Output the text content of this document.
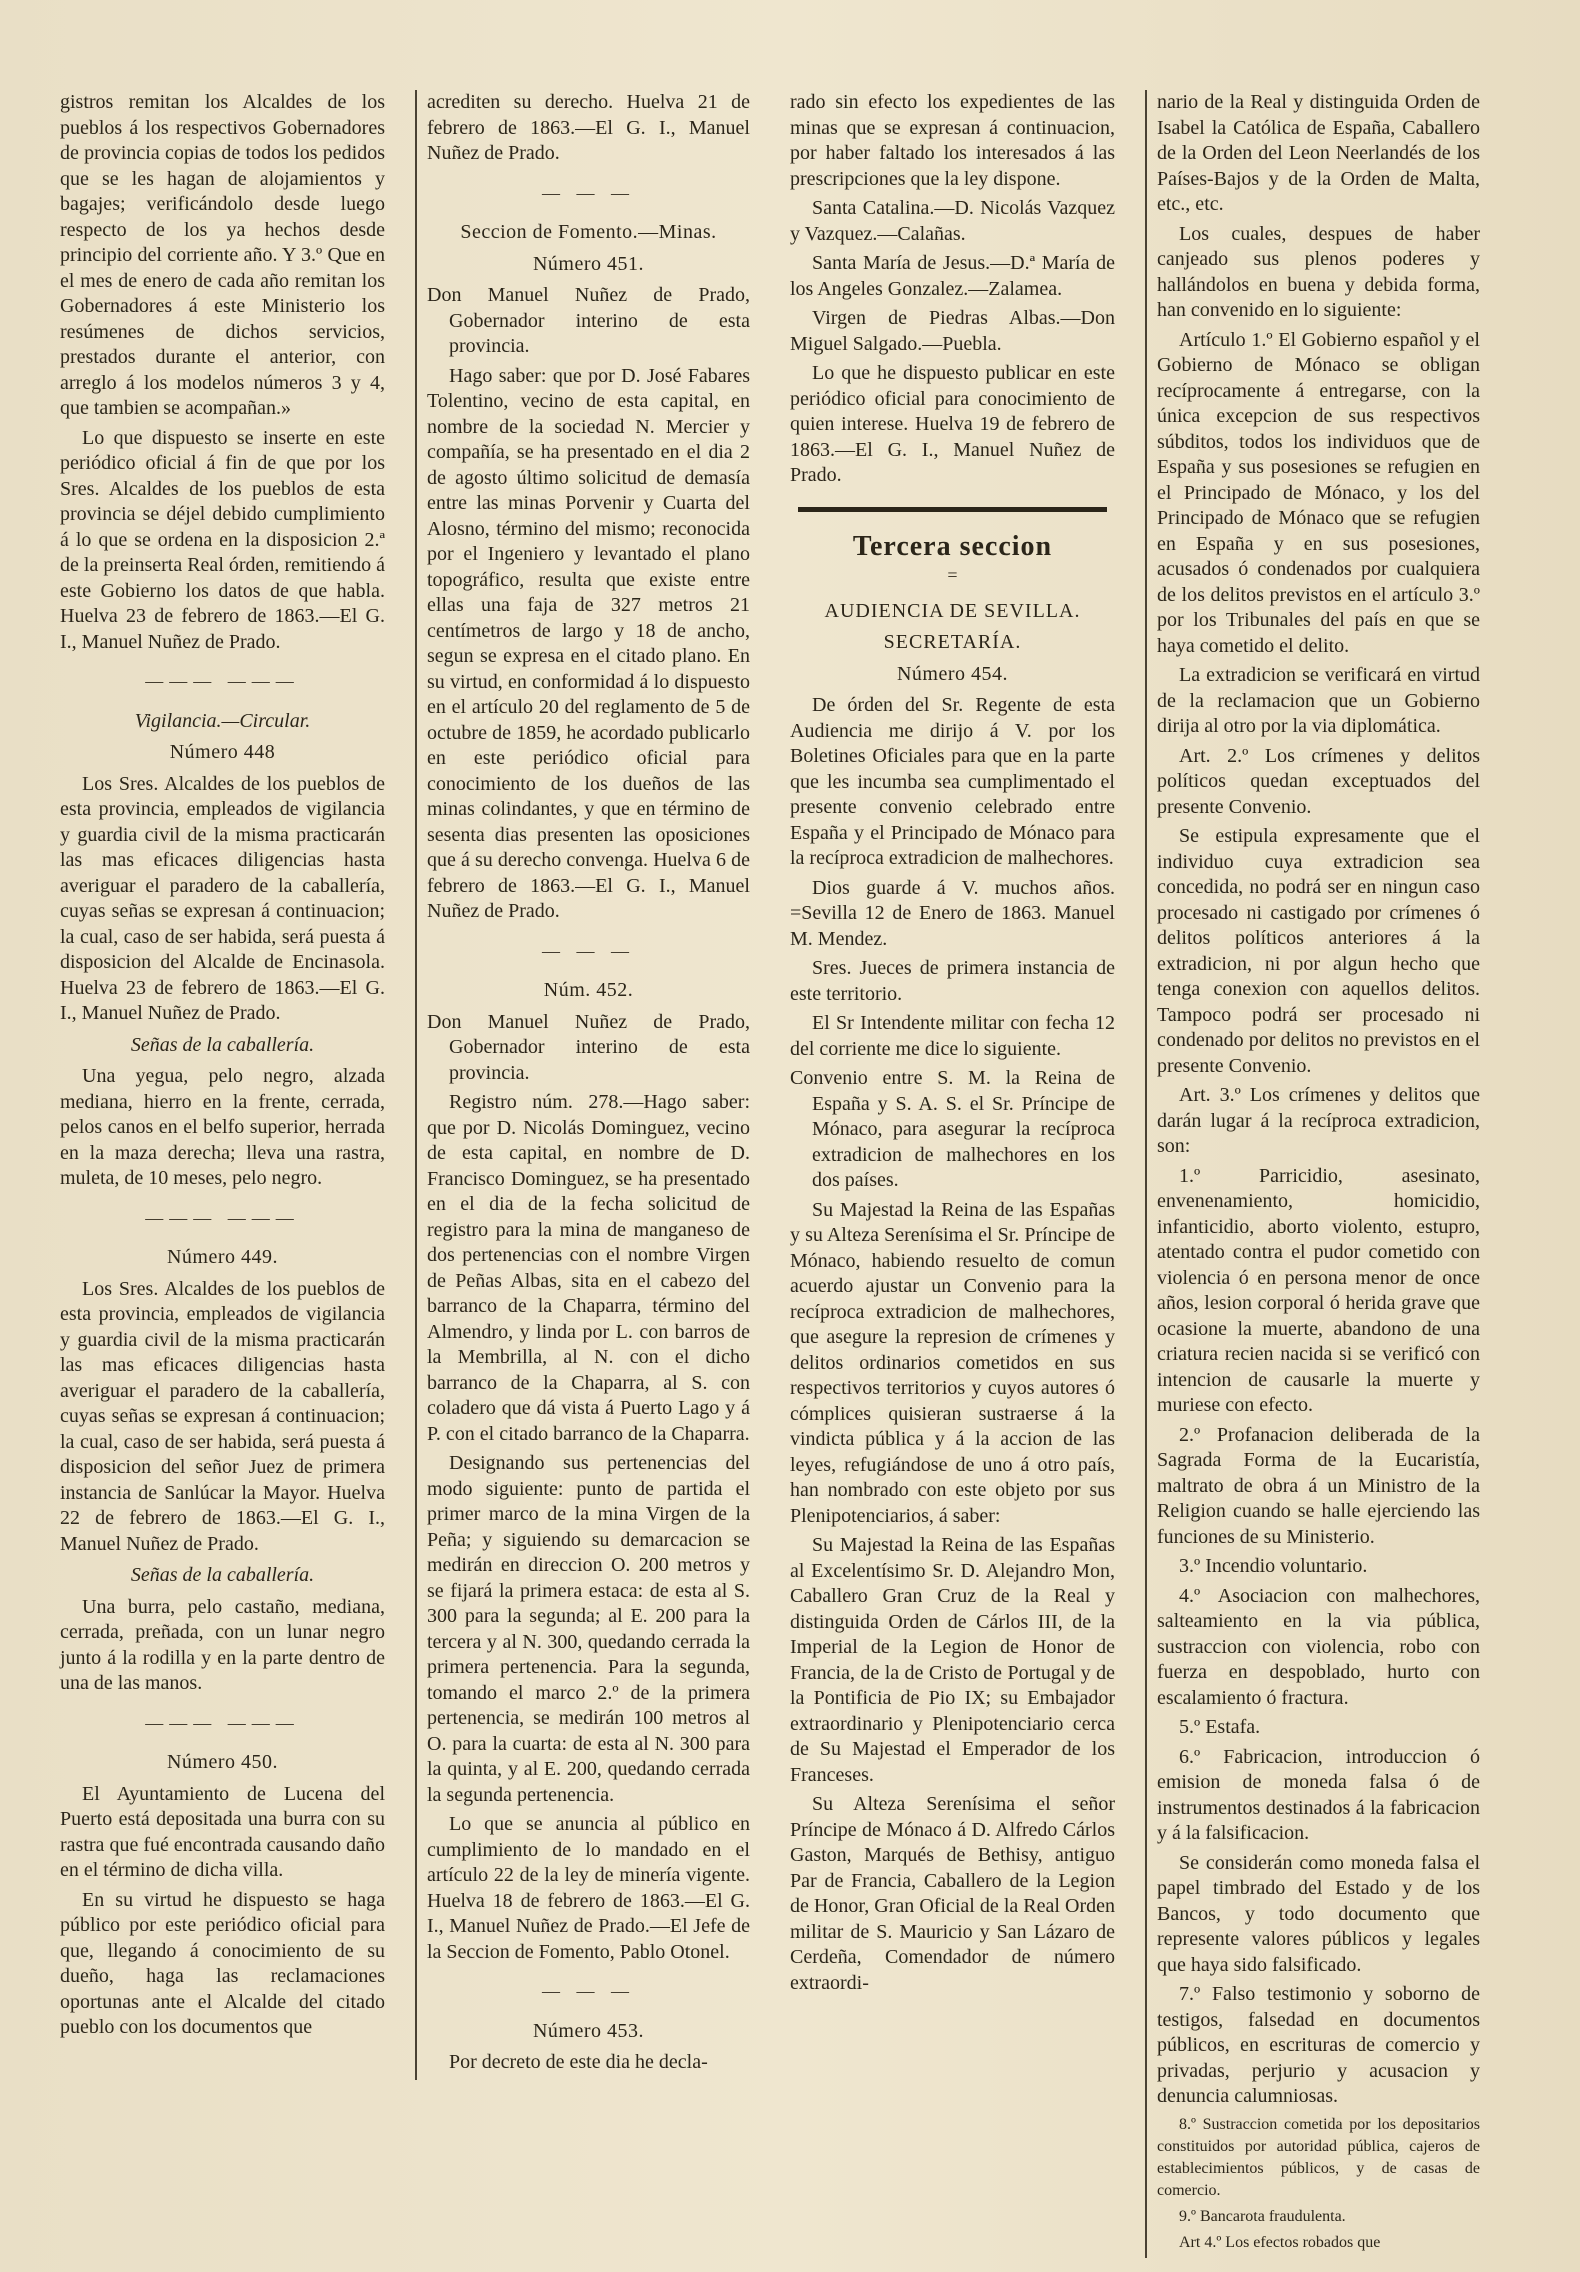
gistros remitan los Alcaldes de los pueblos á los respectivos Gobernadores de provincia copias de todos los pedidos que se les hagan de alojamientos y bagajes; verificándolo desde luego respecto de los ya hechos desde principio del corriente año. Y 3.º Que en el mes de enero de cada año remitan los Gobernadores á este Ministerio los resúmenes de dichos servicios, prestados durante el anterior, con arreglo á los modelos números 3 y 4, que tambien se acompañan.»

Lo que dispuesto se inserte en este periódico oficial á fin de que por los Sres. Alcaldes de los pueblos de esta provincia se déjel debido cumplimiento á lo que se ordena en la disposicion 2.ª de la preinserta Real órden, remitiendo á este Gobierno los datos de que habla. Huelva 23 de febrero de 1863.—El G. I., Manuel Nuñez de Prado.

——— ———
Vigilancia.—Circular.
Número 448

Los Sres. Alcaldes de los pueblos de esta provincia, empleados de vigilancia y guardia civil de la misma practicarán las mas eficaces diligencias hasta averiguar el paradero de la caballería, cuyas señas se expresan á continuacion; la cual, caso de ser habida, será puesta á disposicion del Alcalde de Encinasola. Huelva 23 de febrero de 1863.—El G. I., Manuel Nuñez de Prado.

Señas de la caballería.

Una yegua, pelo negro, alzada mediana, hierro en la frente, cerrada, pelos canos en el belfo superior, herrada en la maza derecha; lleva una rastra, muleta, de 10 meses, pelo negro.

——— ———
Número 449.

Los Sres. Alcaldes de los pueblos de esta provincia, empleados de vigilancia y guardia civil de la misma practicarán las mas eficaces diligencias hasta averiguar el paradero de la caballería, cuyas señas se expresan á continuacion; la cual, caso de ser habida, será puesta á disposicion del señor Juez de primera instancia de Sanlúcar la Mayor. Huelva 22 de febrero de 1863.—El G. I., Manuel Nuñez de Prado.

Señas de la caballería.

Una burra, pelo castaño, mediana, cerrada, preñada, con un lunar negro junto á la rodilla y en la parte dentro de una de las manos.

——— ———
Número 450.

El Ayuntamiento de Lucena del Puerto está depositada una burra con su rastra que fué encontrada causando daño en el término de dicha villa.

En su virtud he dispuesto se haga público por este periódico oficial para que, llegando á conocimiento de su dueño, haga las reclamaciones oportunas ante el Alcalde del citado pueblo con los documentos que

acrediten su derecho. Huelva 21 de febrero de 1863.—El G. I., Manuel Nuñez de Prado.

— — —
Seccion de Fomento.—Minas.
Número 451.

Don Manuel Nuñez de Prado, Gobernador interino de esta provincia.

Hago saber: que por D. José Fabares Tolentino, vecino de esta capital, en nombre de la sociedad N. Mercier y compañía, se ha presentado en el dia 2 de agosto último solicitud de demasía entre las minas Porvenir y Cuarta del Alosno, término del mismo; reconocida por el Ingeniero y levantado el plano topográfico, resulta que existe entre ellas una faja de 327 metros 21 centímetros de largo y 18 de ancho, segun se expresa en el citado plano. En su virtud, en conformidad á lo dispuesto en el artículo 20 del reglamento de 5 de octubre de 1859, he acordado publicarlo en este periódico oficial para conocimiento de los dueños de las minas colindantes, y que en término de sesenta dias presenten las oposiciones que á su derecho convenga. Huelva 6 de febrero de 1863.—El G. I., Manuel Nuñez de Prado.

— — —
Núm. 452.

Don Manuel Nuñez de Prado, Gobernador interino de esta provincia.

Registro núm. 278.—Hago saber: que por D. Nicolás Dominguez, vecino de esta capital, en nombre de D. Francisco Dominguez, se ha presentado en el dia de la fecha solicitud de registro para la mina de manganeso de dos pertenencias con el nombre Virgen de Peñas Albas, sita en el cabezo del barranco de la Chaparra, término del Almendro, y linda por L. con barros de la Membrilla, al N. con el dicho barranco de la Chaparra, al S. con coladero que dá vista á Puerto Lago y á P. con el citado barranco de la Chaparra.

Designando sus pertenencias del modo siguiente: punto de partida el primer marco de la mina Virgen de la Peña; y siguiendo su demarcacion se medirán en direccion O. 200 metros y se fijará la primera estaca: de esta al S. 300 para la segunda; al E. 200 para la tercera y al N. 300, quedando cerrada la primera pertenencia. Para la segunda, tomando el marco 2.º de la primera pertenencia, se medirán 100 metros al O. para la cuarta: de esta al N. 300 para la quinta, y al E. 200, quedando cerrada la segunda pertenencia.

Lo que se anuncia al público en cumplimiento de lo mandado en el artículo 22 de la ley de minería vigente. Huelva 18 de febrero de 1863.—El G. I., Manuel Nuñez de Prado.—El Jefe de la Seccion de Fomento, Pablo Otonel.

— — —
Número 453.

Por decreto de este dia he decla-

rado sin efecto los expedientes de las minas que se expresan á continuacion, por haber faltado los interesados á las prescripciones que la ley dispone.

Santa Catalina.—D. Nicolás Vazquez y Vazquez.—Calañas.

Santa María de Jesus.—D.ª María de los Angeles Gonzalez.—Zalamea.

Virgen de Piedras Albas.—Don Miguel Salgado.—Puebla.

Lo que he dispuesto publicar en este periódico oficial para conocimiento de quien interese. Huelva 19 de febrero de 1863.—El G. I., Manuel Nuñez de Prado.

Tercera seccion
=
AUDIENCIA DE SEVILLA.
SECRETARÍA.
Número 454.

De órden del Sr. Regente de esta Audiencia me dirijo á V. por los Boletines Oficiales para que en la parte que les incumba sea cumplimentado el presente convenio celebrado entre España y el Principado de Mónaco para la recíproca extradicion de malhechores.

Dios guarde á V. muchos años. =Sevilla 12 de Enero de 1863. Manuel M. Mendez.

Sres. Jueces de primera instancia de este territorio.

El Sr Intendente militar con fecha 12 del corriente me dice lo siguiente.

Convenio entre S. M. la Reina de España y S. A. S. el Sr. Príncipe de Mónaco, para asegurar la recíproca extradicion de malhechores en los dos países.

Su Majestad la Reina de las Españas y su Alteza Serenísima el Sr. Príncipe de Mónaco, habiendo resuelto de comun acuerdo ajustar un Convenio para la recíproca extradicion de malhechores, que asegure la represion de crímenes y delitos ordinarios cometidos en sus respectivos territorios y cuyos autores ó cómplices quisieran sustraerse á la vindicta pública y á la accion de las leyes, refugiándose de uno á otro país, han nombrado con este objeto por sus Plenipotenciarios, á saber:

Su Majestad la Reina de las Españas al Excelentísimo Sr. D. Alejandro Mon, Caballero Gran Cruz de la Real y distinguida Orden de Cárlos III, de la Imperial de la Legion de Honor de Francia, de la de Cristo de Portugal y de la Pontificia de Pio IX; su Embajador extraordinario y Plenipotenciario cerca de Su Majestad el Emperador de los Franceses.

Su Alteza Serenísima el señor Príncipe de Mónaco á D. Alfredo Cárlos Gaston, Marqués de Bethisy, antiguo Par de Francia, Caballero de la Legion de Honor, Gran Oficial de la Real Orden militar de S. Mauricio y San Lázaro de Cerdeña, Comendador de número extraordi-

nario de la Real y distinguida Orden de Isabel la Católica de España, Caballero de la Orden del Leon Neerlandés de los Países-Bajos y de la Orden de Malta, etc., etc.

Los cuales, despues de haber canjeado sus plenos poderes y hallándolos en buena y debida forma, han convenido en lo siguiente:

Artículo 1.º El Gobierno español y el Gobierno de Mónaco se obligan recíprocamente á entregarse, con la única excepcion de sus respectivos súbditos, todos los individuos que de España y sus posesiones se refugien en el Principado de Mónaco, y los del Principado de Mónaco que se refugien en España y en sus posesiones, acusados ó condenados por cualquiera de los delitos previstos en el artículo 3.º por los Tribunales del país en que se haya cometido el delito.

La extradicion se verificará en virtud de la reclamacion que un Gobierno dirija al otro por la via diplomática.

Art. 2.º Los crímenes y delitos políticos quedan exceptuados del presente Convenio.

Se estipula expresamente que el individuo cuya extradicion sea concedida, no podrá ser en ningun caso procesado ni castigado por crímenes ó delitos políticos anteriores á la extradicion, ni por algun hecho que tenga conexion con aquellos delitos. Tampoco podrá ser procesado ni condenado por delitos no previstos en el presente Convenio.

Art. 3.º Los crímenes y delitos que darán lugar á la recíproca extradicion, son:

1.º Parricidio, asesinato, envenenamiento, homicidio, infanticidio, aborto violento, estupro, atentado contra el pudor cometido con violencia ó en persona menor de once años, lesion corporal ó herida grave que ocasione la muerte, abandono de una criatura recien nacida si se verificó con intencion de causarle la muerte y muriese con efecto.

2.º Profanacion deliberada de la Sagrada Forma de la Eucaristía, maltrato de obra á un Ministro de la Religion cuando se halle ejerciendo las funciones de su Ministerio.

3.º Incendio voluntario.

4.º Asociacion con malhechores, salteamiento en la via pública, sustraccion con violencia, robo con fuerza en despoblado, hurto con escalamiento ó fractura.

5.º Estafa.

6.º Fabricacion, introduccion ó emision de moneda falsa ó de instrumentos destinados á la fabricacion y á la falsificacion.

Se considerán como moneda falsa el papel timbrado del Estado y de los Bancos, y todo documento que represente valores públicos y legales que haya sido falsificado.

7.º Falso testimonio y soborno de testigos, falsedad en documentos públicos, en escrituras de comercio y privadas, perjurio y acusacion y denuncia calumniosas.

8.º Sustraccion cometida por los depositarios constituidos por autoridad pública, cajeros de establecimientos públicos, y de casas de comercio.

9.º Bancarota fraudulenta.

Art 4.º Los efectos robados que
